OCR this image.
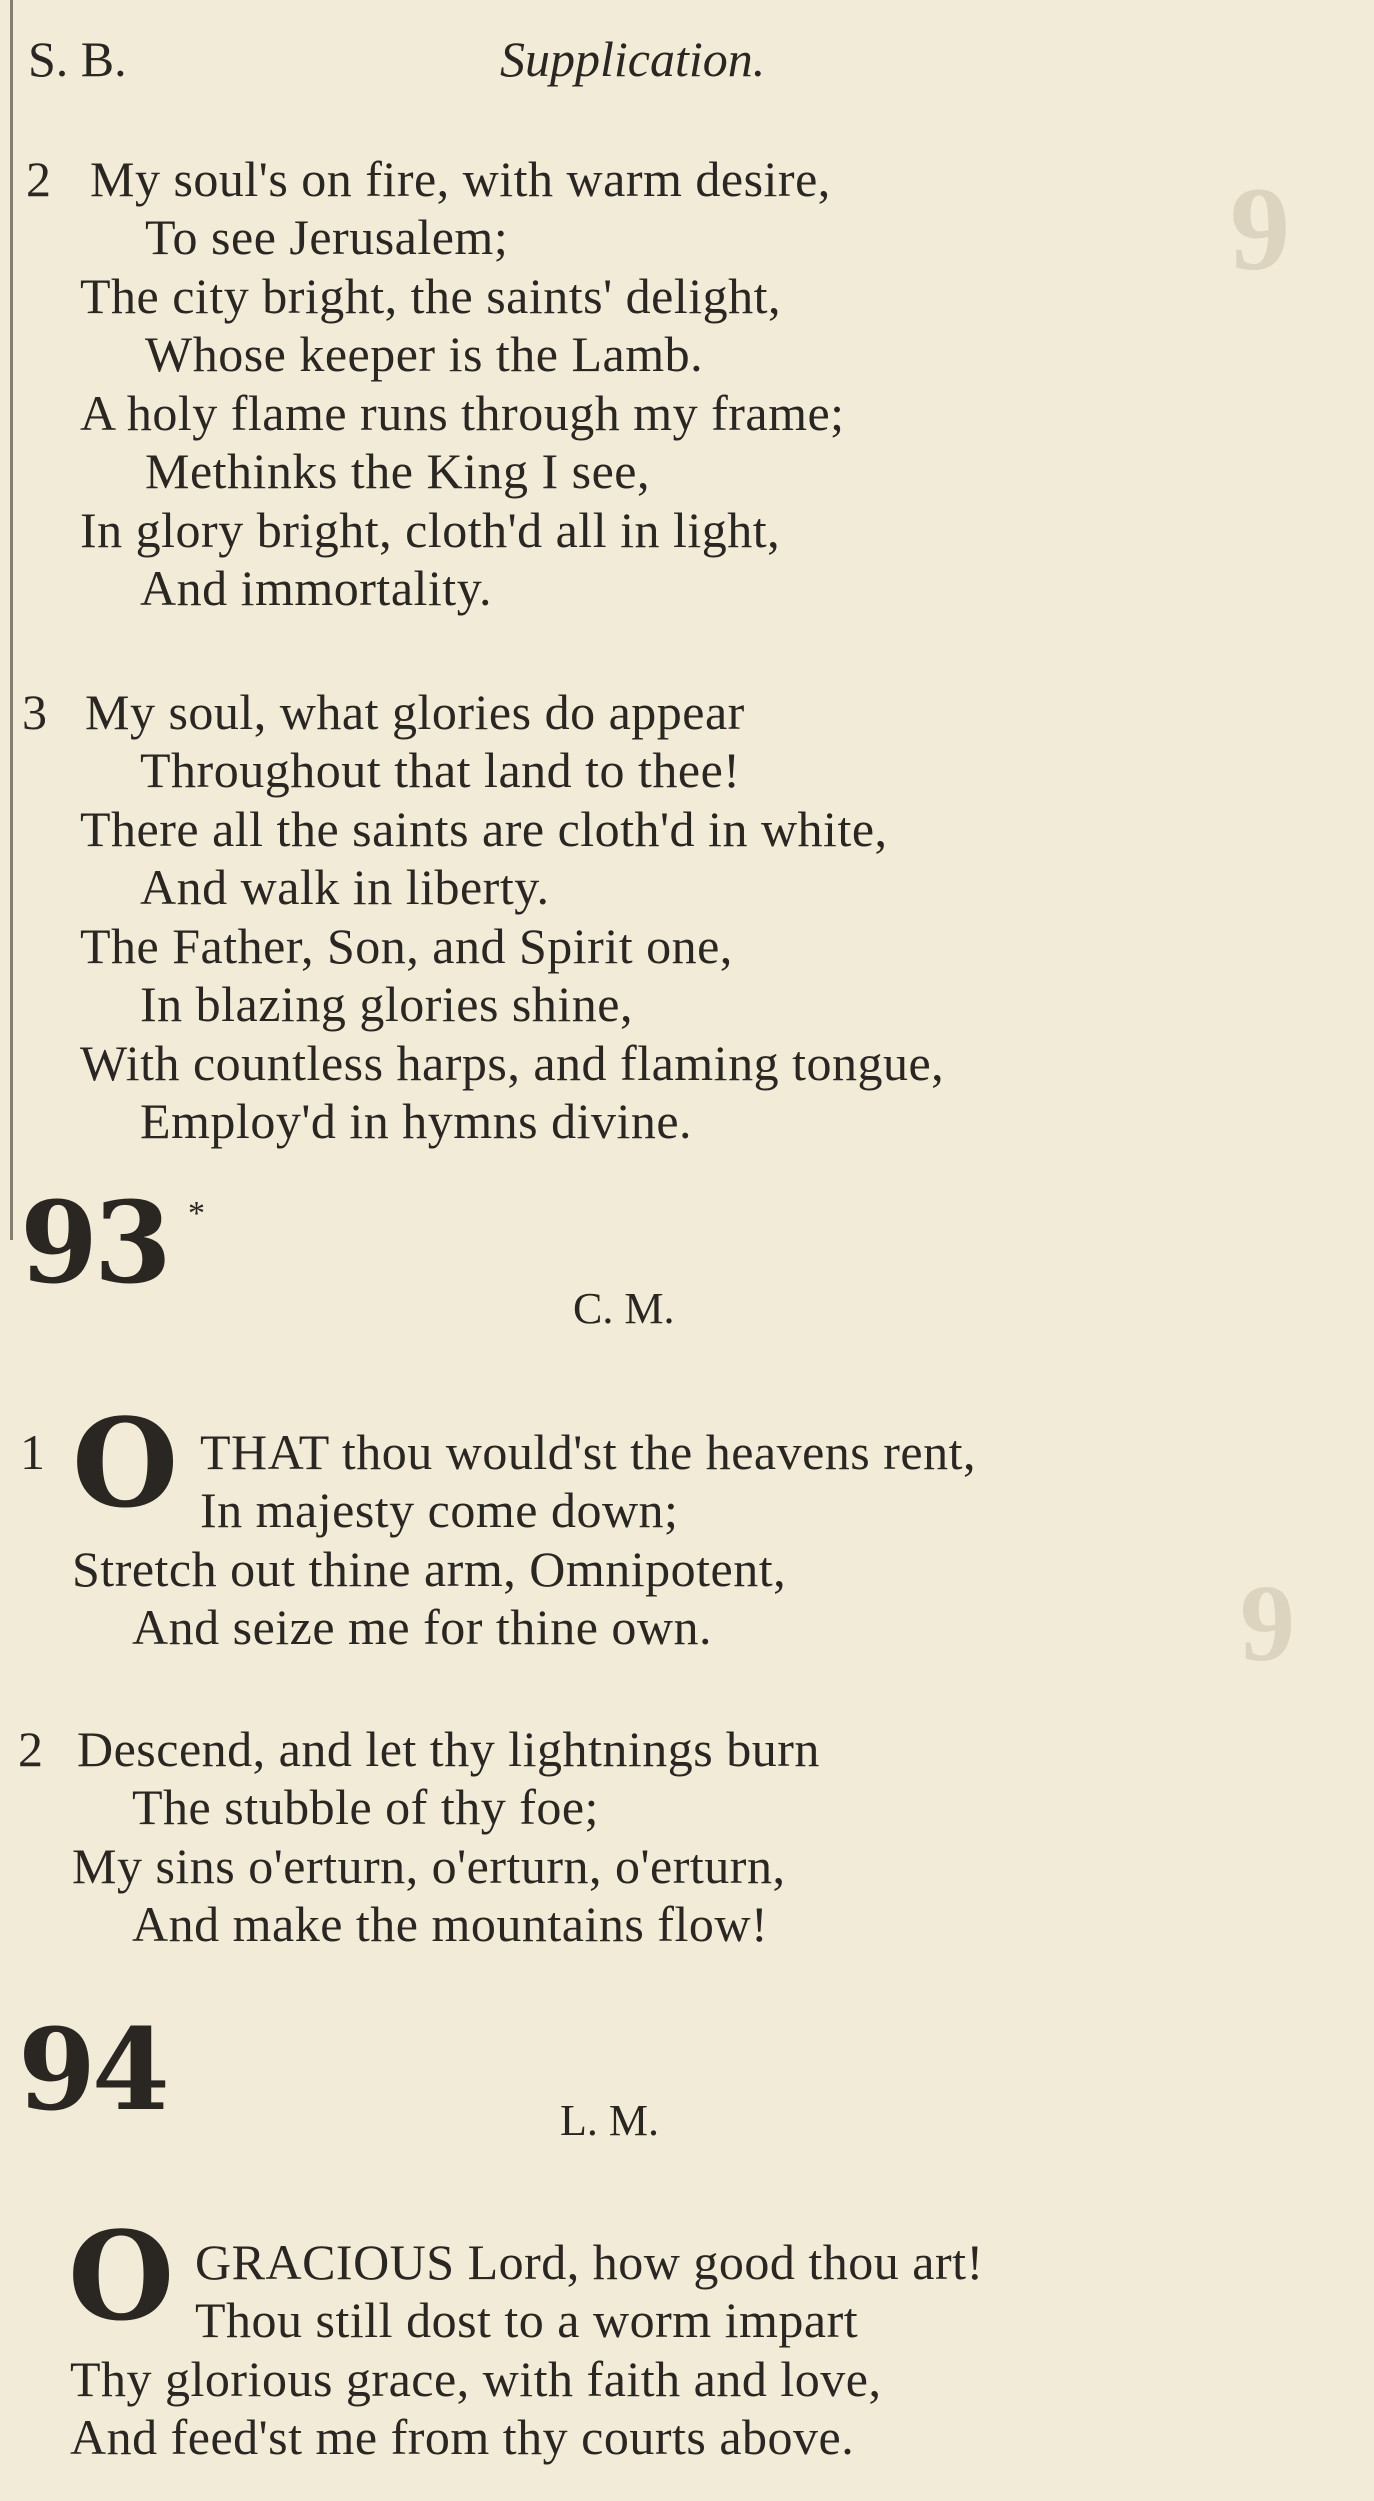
9
9
S. B.	Supplication.
2 My soul's on fire, with warm desire,
To see Jerusalem;
The city bright, the saints' delight,
Whose keeper is the Lamb.
A holy flame runs through my frame;
Methinks the King I see,
In glory bright, cloth'd all in light,
And immortality.
3 My soul, what glories do appear
Throughout that land to thee!
There all the saints are cloth'd in white,
And walk in liberty.
The Father, Son, and Spirit one,
In blazing glories shine,
With countless harps, and flaming tongue,
Employ'd in hymns divine.
93 *
C. M.
1 O THAT thou would'st the heavens rent,
In majesty come down;
Stretch out thine arm, Omnipotent,
And seize me for thine own.
2 Descend, and let thy lightnings burn
The stubble of thy foe;
My sins o'erturn, o'erturn, o'erturn,
And make the mountains flow!
94	L. M.
O GRACIOUS Lord, how good thou art!
Thou still dost to a worm impart
Thy glorious grace, with faith and love,
And feed'st me from thy courts above.
